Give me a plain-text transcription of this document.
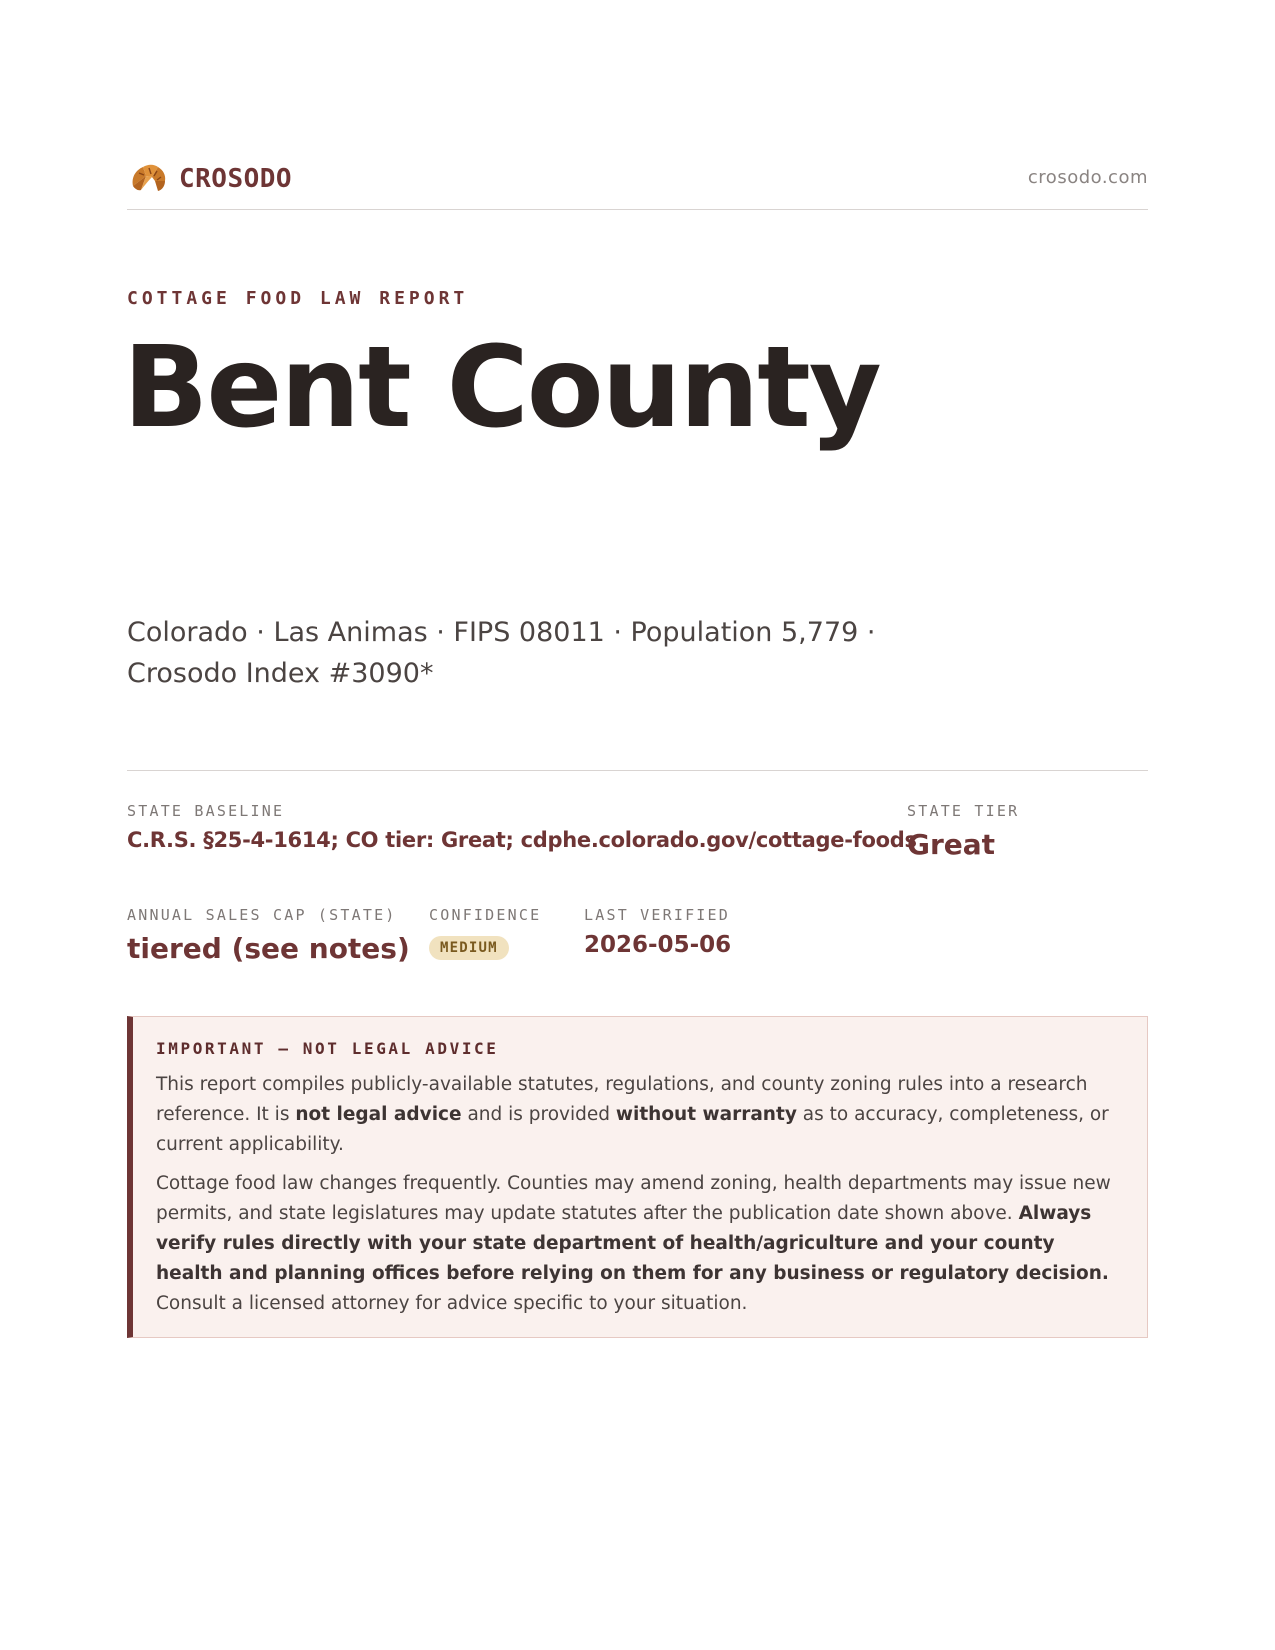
CROSODO	crosodo.com
COTTAGE FOOD LAW REPORT
Bent County
Colorado · Las Animas · FIPS 08011 · Population 5,779 ·
Crosodo Index #3090*
STATE BASELINE
C.R.S. §25-4-1614; CO tier: Great; cdphe.colorado.gov/cottage-foods
STATE TIER
Great
ANNUAL SALES CAP (STATE)
tiered (see notes)
CONFIDENCE
MEDIUM
LAST VERIFIED
2026-05-06
IMPORTANT — NOT LEGAL ADVICE

This report compiles publicly-available statutes, regulations, and county zoning rules into a research reference. It is not legal advice and is provided without warranty as to accuracy, completeness, or current applicability.

Cottage food law changes frequently. Counties may amend zoning, health departments may issue new permits, and state legislatures may update statutes after the publication date shown above. Always verify rules directly with your state department of health/agriculture and your county health and planning offices before relying on them for any business or regulatory decision. Consult a licensed attorney for advice specific to your situation.
